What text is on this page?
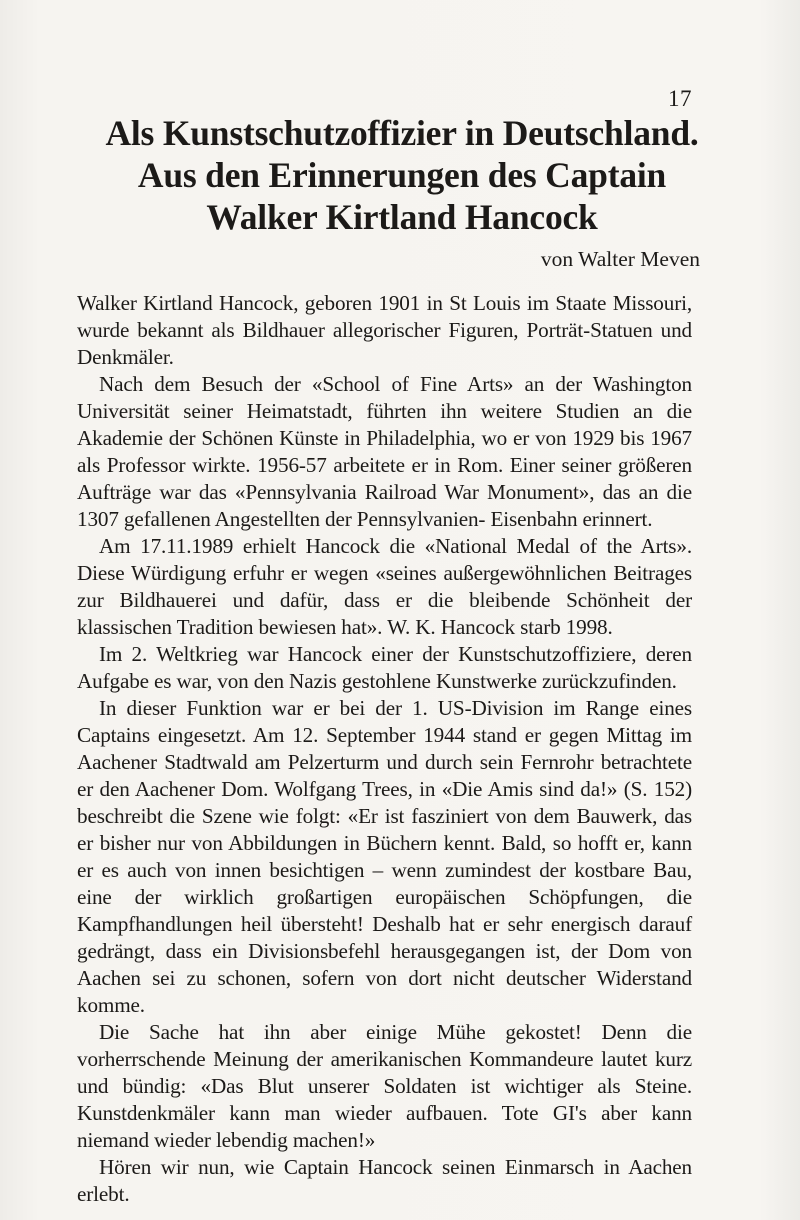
17
Als Kunstschutzoffizier in Deutschland.
Aus den Erinnerungen des Captain
Walker Kirtland Hancock
von Walter Meven

Walker Kirtland Hancock, geboren 1901 in St Louis im Staate Missouri, wurde bekannt als Bildhauer allegorischer Figuren, Porträt-Statuen und Denkmäler.

Nach dem Besuch der «School of Fine Arts» an der Washington Universität seiner Heimatstadt, führten ihn weitere Studien an die Akademie der Schönen Künste in Philadelphia, wo er von 1929 bis 1967 als Professor wirkte. 1956-57 arbeitete er in Rom. Einer seiner größeren Aufträge war das «Pennsylvania Railroad War Monument», das an die 1307 gefallenen Angestellten der Pennsylvanien- Eisenbahn erinnert.

Am 17.11.1989 erhielt Hancock die «National Medal of the Arts». Diese Würdigung erfuhr er wegen «seines außergewöhnlichen Beitrages zur Bildhauerei und dafür, dass er die bleibende Schönheit der klassischen Tradition bewiesen hat». W. K. Hancock starb 1998.

Im 2. Weltkrieg war Hancock einer der Kunstschutzoffiziere, deren Aufgabe es war, von den Nazis gestohlene Kunstwerke zurückzufinden.

In dieser Funktion war er bei der 1. US-Division im Range eines Captains eingesetzt. Am 12. September 1944 stand er gegen Mittag im Aachener Stadtwald am Pelzerturm und durch sein Fernrohr betrachtete er den Aachener Dom. Wolfgang Trees, in «Die Amis sind da!» (S. 152) beschreibt die Szene wie folgt: «Er ist fasziniert von dem Bauwerk, das er bisher nur von Abbildungen in Büchern kennt. Bald, so hofft er, kann er es auch von innen besichtigen – wenn zumindest der kostbare Bau, eine der wirklich großartigen europäischen Schöpfungen, die Kampfhandlungen heil übersteht! Deshalb hat er sehr energisch darauf gedrängt, dass ein Divisionsbefehl herausgegangen ist, der Dom von Aachen sei zu schonen, sofern von dort nicht deutscher Widerstand komme.

Die Sache hat ihn aber einige Mühe gekostet! Denn die vorherrschende Meinung der amerikanischen Kommandeure lautet kurz und bündig: «Das Blut unserer Soldaten ist wichtiger als Steine. Kunstdenkmäler kann man wieder aufbauen. Tote GI's aber kann niemand wieder lebendig machen!»

Hören wir nun, wie Captain Hancock seinen Einmarsch in Aachen erlebt.
